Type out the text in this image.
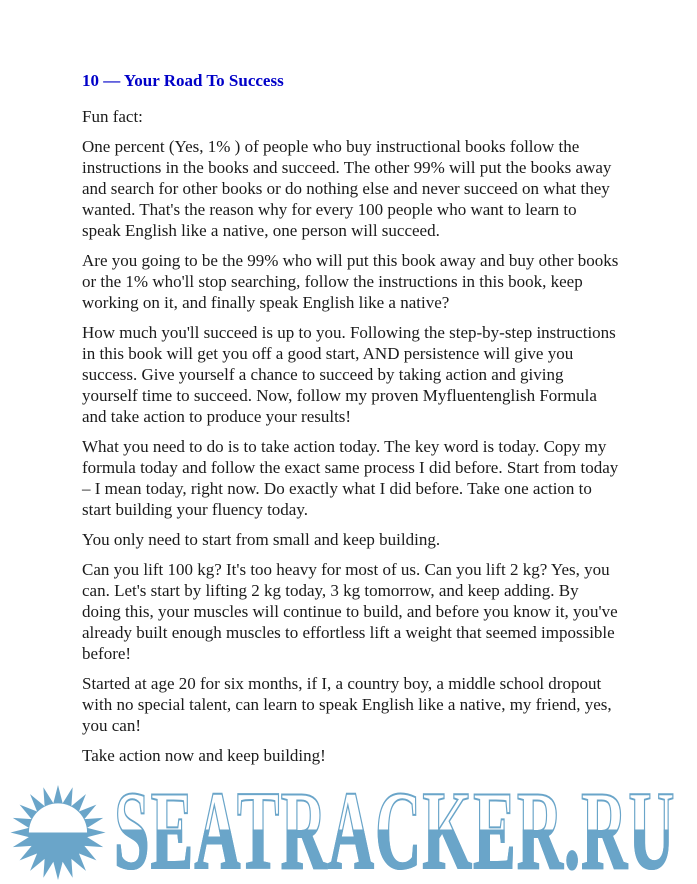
10 — Your Road To Success

Fun fact:

One percent (Yes, 1% ) of people who buy instructional books follow the instructions in the books and succeed. The other 99% will put the books away and search for other books or do nothing else and never succeed on what they wanted. That's the reason why for every 100 people who want to learn to speak English like a native, one person will succeed.

Are you going to be the 99% who will put this book away and buy other books or the 1% who'll stop searching, follow the instructions in this book, keep working on it, and finally speak English like a native?

How much you'll succeed is up to you. Following the step-by-step instructions in this book will get you off a good start, AND persistence will give you success. Give yourself a chance to succeed by taking action and giving yourself time to succeed. Now, follow my proven Myfluentenglish Formula and take action to produce your results!

What you need to do is to take action today. The key word is today. Copy my formula today and follow the exact same process I did before. Start from today – I mean today, right now. Do exactly what I did before. Take one action to start building your fluency today.

You only need to start from small and keep building.

Can you lift 100 kg? It's too heavy for most of us. Can you lift 2 kg? Yes, you can. Let's start by lifting 2 kg today, 3 kg tomorrow, and keep adding. By doing this, your muscles will continue to build, and before you know it, you've already built enough muscles to effortless lift a weight that seemed impossible before!

Started at age 20 for six months, if I, a country boy, a middle school dropout with no special talent, can learn to speak English like a native, my friend, yes, you can!

Take action now and keep building!

SEATRACKER.RU
